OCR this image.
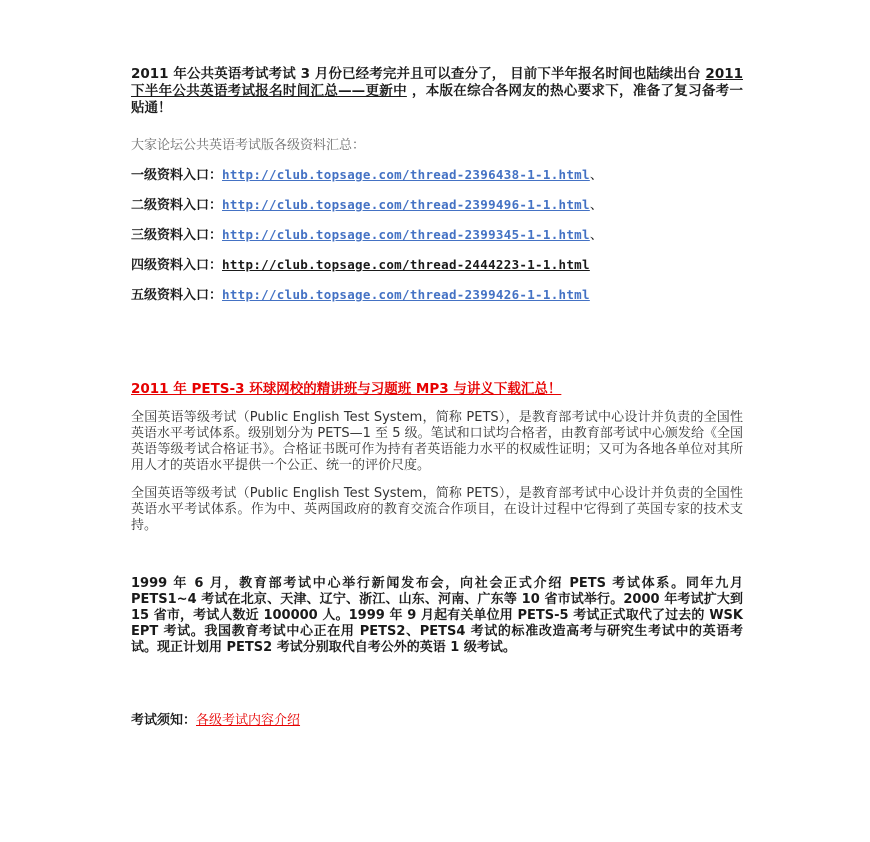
2011 年公共英语考试考试 3 月份已经考完并且可以查分了， 目前下半年报名时间也陆续出台 2011 下半年公共英语考试报名时间汇总——更新中 ，本版在综合各网友的热心要求下，准备了复习备考一贴通！

大家论坛公共英语考试版各级资料汇总：

一级资料入口：http://club.topsage.com/thread-2396438-1-1.html、

二级资料入口：http://club.topsage.com/thread-2399496-1-1.html、

三级资料入口：http://club.topsage.com/thread-2399345-1-1.html、

四级资料入口：http://club.topsage.com/thread-2444223-1-1.html

五级资料入口：http://club.topsage.com/thread-2399426-1-1.html

2011 年 PETS-3 环球网校的精讲班与习题班 MP3 与讲义下载汇总！

全国英语等级考试（Public English Test System，简称 PETS），是教育部考试中心设计并负责的全国性英语水平考试体系。级别划分为 PETS—1 至 5 级。笔试和口试均合格者，由教育部考试中心颁发给《全国英语等级考试合格证书》。合格证书既可作为持有者英语能力水平的权威性证明；又可为各地各单位对其所用人才的英语水平提供一个公正、统一的评价尺度。

全国英语等级考试（Public English Test System，简称 PETS），是教育部考试中心设计并负责的全国性英语水平考试体系。作为中、英两国政府的教育交流合作项目，在设计过程中它得到了英国专家的技术支持。

1999 年 6 月，教育部考试中心举行新闻发布会，向社会正式介绍 PETS 考试体系。同年九月 PETS1~4 考试在北京、天津、辽宁、浙江、山东、河南、广东等 10 省市试举行。2000 年考试扩大到 15 省市，考试人数近 100000 人。1999 年 9 月起有关单位用 PETS-5 考试正式取代了过去的 WSK EPT 考试。我国教育考试中心正在用 PETS2、PETS4 考试的标准改造高考与研究生考试中的英语考试。现正计划用 PETS2 考试分别取代自考公外的英语 1 级考试。

考试须知：各级考试内容介绍
